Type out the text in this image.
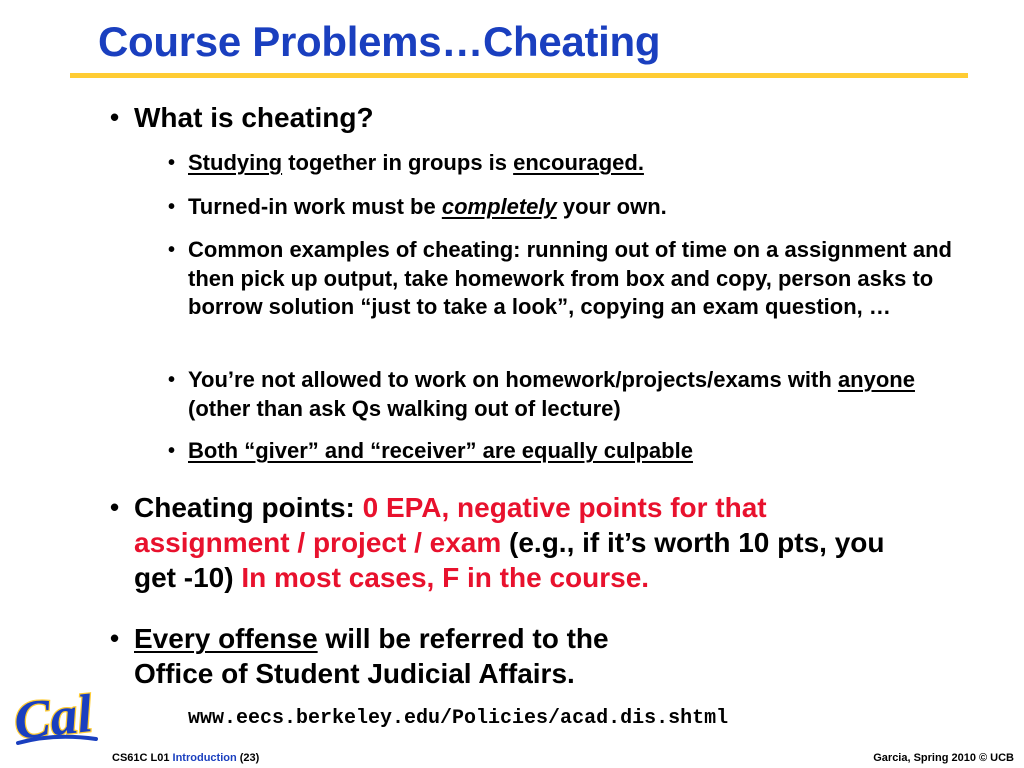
Course Problems…Cheating
• What is cheating?
• Studying together in groups is encouraged.
• Turned-in work must be completely your own.
• Common examples of cheating: running out of time on a assignment and then pick up output, take homework from box and copy, person asks to borrow solution “just to take a look”, copying an exam question, …
• You’re not allowed to work on homework/projects/exams with anyone (other than ask Qs walking out of lecture)
• Both “giver” and “receiver” are equally culpable
• Cheating points: 0 EPA, negative points for that assignment / project / exam (e.g., if it’s worth 10 pts, you get -10) In most cases, F in the course.
• Every offense will be referred to the
Office of Student Judicial Affairs.
www.eecs.berkeley.edu/Policies/acad.dis.shtml
Cal
CS61C L01 Introduction (23)	Garcia, Spring 2010 © UCB
